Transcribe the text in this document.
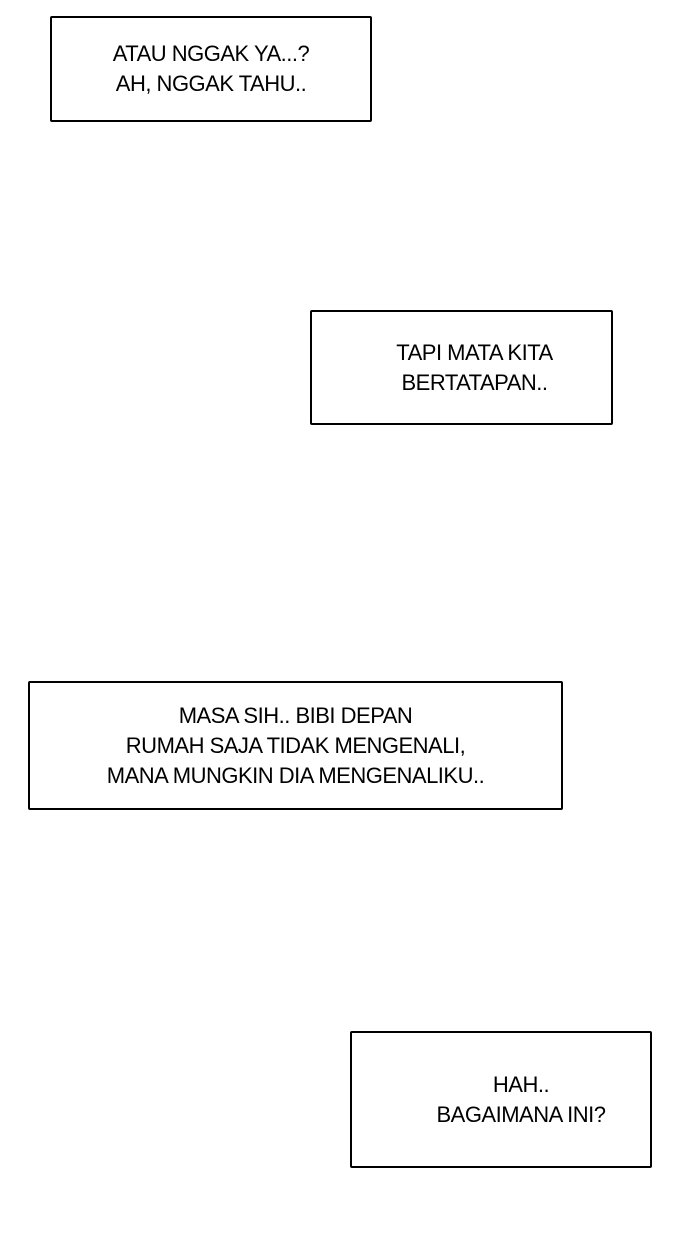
ATAU NGGAK YA...?
AH, NGGAK TAHU..
TAPI MATA KITA
BERTATAPAN..
MASA SIH.. BIBI DEPAN
RUMAH SAJA TIDAK MENGENALI,
MANA MUNGKIN DIA MENGENALIKU..
HAH..
BAGAIMANA INI?
